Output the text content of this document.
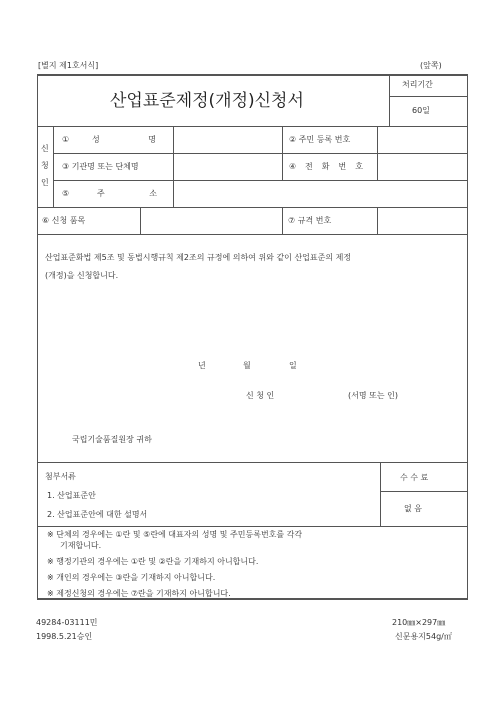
[별지 제1호서식]	(앞쪽)
산업표준제정(개정)신청서
처리기간
60일
신
청
인
①	성	명	② 주민 등록 번호
③ 기관명 또는 단체명	④ 전 화 번 호
⑤	주	소
⑥ 신청 품목	⑦ 규격 번호
산업표준화법 제5조 및 동법시행규칙 제2조의 규정에 의하여 위와 같이 산업표준의 제정
(개정)을 신청합니다.
년	월	일
신 청 인	(서명 또는 인)
국립기술품질원장 귀하
첨부서류
1. 산업표준안
2. 산업표준안에 대한 설명서
수 수 료
없 음
※ 단체의 경우에는 ①란 및 ⑤란에 대표자의 성명 및 주민등록번호를 각각
기재합니다.
※ 행정기관의 경우에는 ①란 및 ②란을 기재하지 아니합니다.
※ 개인의 경우에는 ③란을 기재하지 아니합니다.
※ 제정신청의 경우에는 ⑦란을 기재하지 아니합니다.
49284-03111민
1998.5.21승인
210㎜×297㎜
신문용지54g/㎡
